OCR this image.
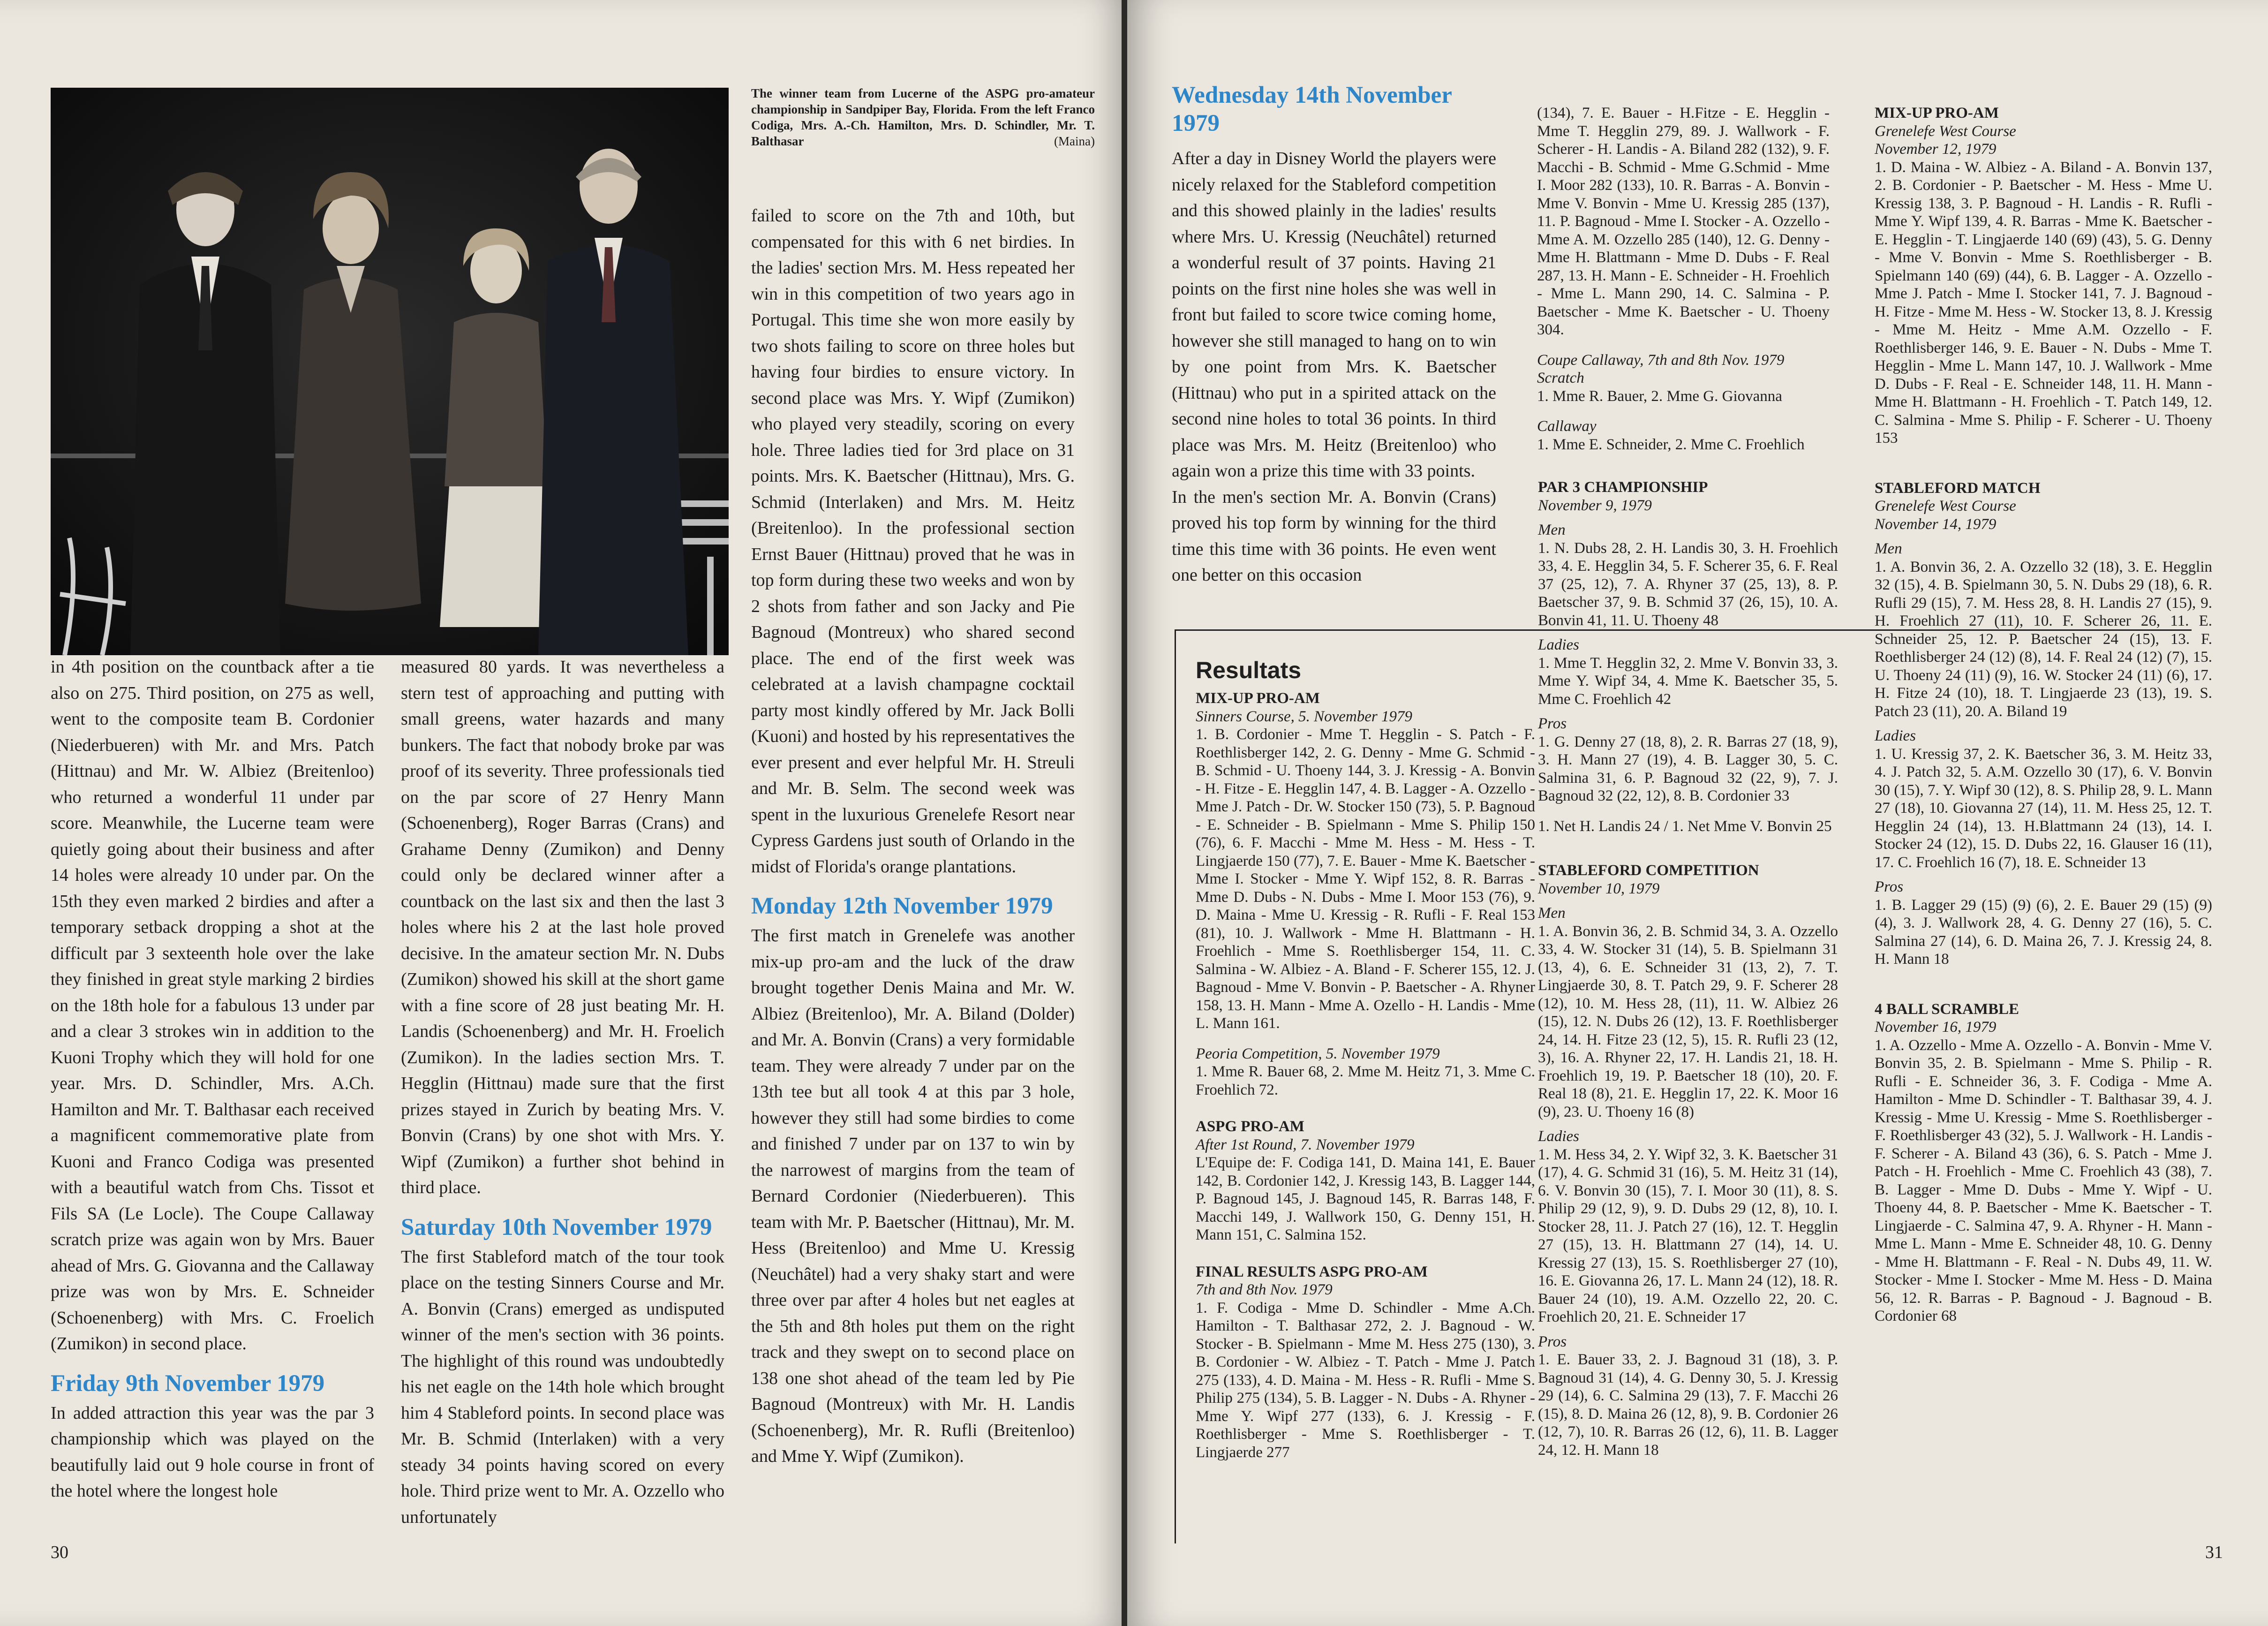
The winner team from Lucerne of the ASPG pro-amateur championship in Sandpiper Bay, Florida. From the left Franco Codiga, Mrs. A.-Ch. Hamilton, Mrs. D. Schindler, Mr. T. Balthasar	(Maina)

failed to score on the 7th and 10th, but compensated for this with 6 net birdies. In the ladies' section Mrs. M. Hess repeated her win in this competition of two years ago in Portugal. This time she won more easily by two shots failing to score on three holes but having four birdies to ensure victory. In second place was Mrs. Y. Wipf (Zumikon) who played very steadily, scoring on every hole. Three ladies tied for 3rd place on 31 points. Mrs. K. Baetscher (Hittnau), Mrs. G. Schmid (Interlaken) and Mrs. M. Heitz (Breitenloo). In the professional section Ernst Bauer (Hittnau) proved that he was in top form during these two weeks and won by 2 shots from father and son Jacky and Pie Bagnoud (Montreux) who shared second place. The end of the first week was celebrated at a lavish champagne cocktail party most kindly offered by Mr. Jack Bolli (Kuoni) and hosted by his representatives the ever present and ever helpful Mr. H. Streuli and Mr. B. Selm. The second week was spent in the luxurious Grenelefe Resort near Cypress Gardens just south of Orlando in the midst of Florida's orange plantations.

Monday 12th November 1979

The first match in Grenelefe was another mix-up pro-am and the luck of the draw brought together Denis Maina and Mr. W. Albiez (Breitenloo), Mr. A. Biland (Dolder) and Mr. A. Bonvin (Crans) a very formidable team. They were already 7 under par on the 13th tee but all took 4 at this par 3 hole, however they still had some birdies to come and finished 7 under par on 137 to win by the narrowest of margins from the team of Bernard Cordonier (Niederbueren). This team with Mr. P. Baetscher (Hittnau), Mr. M. Hess (Breitenloo) and Mme U. Kressig (Neuchâtel) had a very shaky start and were three over par after 4 holes but net eagles at the 5th and 8th holes put them on the right track and they swept on to second place on 138 one shot ahead of the team led by Pie Bagnoud (Montreux) with Mr. H. Landis (Schoenenberg), Mr. R. Rufli (Breitenloo) and Mme Y. Wipf (Zumikon).

in 4th position on the countback after a tie also on 275. Third position, on 275 as well, went to the composite team B. Cordonier (Niederbueren) with Mr. and Mrs. Patch (Hittnau) and Mr. W. Albiez (Breitenloo) who returned a wonderful 11 under par score. Meanwhile, the Lucerne team were quietly going about their business and after 14 holes were already 10 under par. On the 15th they even marked 2 birdies and after a temporary setback dropping a shot at the difficult par 3 sexteenth hole over the lake they finished in great style marking 2 birdies on the 18th hole for a fabulous 13 under par and a clear 3 strokes win in addition to the Kuoni Trophy which they will hold for one year. Mrs. D. Schindler, Mrs. A.Ch. Hamilton and Mr. T. Balthasar each received a magnificent commemorative plate from Kuoni and Franco Codiga was presented with a beautiful watch from Chs. Tissot et Fils SA (Le Locle). The Coupe Callaway scratch prize was again won by Mrs. Bauer ahead of Mrs. G. Giovanna and the Callaway prize was won by Mrs. E. Schneider (Schoenenberg) with Mrs. C. Froelich (Zumikon) in second place.

Friday 9th November 1979

In added attraction this year was the par 3 championship which was played on the beautifully laid out 9 hole course in front of the hotel where the longest hole

measured 80 yards. It was nevertheless a stern test of approaching and putting with small greens, water hazards and many bunkers. The fact that nobody broke par was proof of its severity. Three professionals tied on the par score of 27 Henry Mann (Schoenenberg), Roger Barras (Crans) and Grahame Denny (Zumikon) and Denny could only be declared winner after a countback on the last six and then the last 3 holes where his 2 at the last hole proved decisive. In the amateur section Mr. N. Dubs (Zumikon) showed his skill at the short game with a fine score of 28 just beating Mr. H. Landis (Schoenenberg) and Mr. H. Froelich (Zumikon). In the ladies section Mrs. T. Hegglin (Hittnau) made sure that the first prizes stayed in Zurich by beating Mrs. V. Bonvin (Crans) by one shot with Mrs. Y. Wipf (Zumikon) a further shot behind in third place.

Saturday 10th November 1979

The first Stableford match of the tour took place on the testing Sinners Course and Mr. A. Bonvin (Crans) emerged as undisputed winner of the men's section with 36 points. The highlight of this round was undoubtedly his net eagle on the 14th hole which brought him 4 Stableford points. In second place was Mr. B. Schmid (Interlaken) with a very steady 34 points having scored on every hole. Third prize went to Mr. A. Ozzello who unfortunately

30
Wednesday 14th November 1979

After a day in Disney World the players were nicely relaxed for the Stableford competition and this showed plainly in the ladies' results where Mrs. U. Kressig (Neuchâtel) returned a wonderful result of 37 points. Having 21 points on the first nine holes she was well in front but failed to score twice coming home, however she still managed to hang on to win by one point from Mrs. K. Baetscher (Hittnau) who put in a spirited attack on the second nine holes to total 36 points. In third place was Mrs. M. Heitz (Breitenloo) who again won a prize this time with 33 points.

In the men's section Mr. A. Bonvin (Crans) proved his top form by winning for the third time this time with 36 points. He even went one better on this occasion

(134), 7. E. Bauer - H.Fitze - E. Hegglin - Mme T. Hegglin 279, 89. J. Wallwork - F. Scherer - H. Landis - A. Biland 282 (132), 9. F. Macchi - B. Schmid - Mme G.Schmid - Mme I. Moor 282 (133), 10. R. Barras - A. Bonvin - Mme V. Bonvin - Mme U. Kressig 285 (137), 11. P. Bagnoud - Mme I. Stocker - A. Ozzello - Mme A. M. Ozzello 285 (140), 12. G. Denny - Mme H. Blattmann - Mme D. Dubs - F. Real 287, 13. H. Mann - E. Schneider - H. Froehlich - Mme L. Mann 290, 14. C. Salmina - P. Baetscher - Mme K. Baetscher - U. Thoeny 304.

Coupe Callaway, 7th and 8th Nov. 1979

Scratch

1. Mme R. Bauer, 2. Mme G. Giovanna

Callaway

1. Mme E. Schneider, 2. Mme C. Froehlich

MIX-UP PRO-AM

Grenelefe West Course

November 12, 1979

1. D. Maina - W. Albiez - A. Biland - A. Bonvin 137, 2. B. Cordonier - P. Baetscher - M. Hess - Mme U. Kressig 138, 3. P. Bagnoud - H. Landis - R. Rufli - Mme Y. Wipf 139, 4. R. Barras - Mme K. Baetscher - E. Hegglin - T. Lingjaerde 140 (69) (43), 5. G. Denny - Mme V. Bonvin - Mme S. Roethlisberger - B. Spielmann 140 (69) (44), 6. B. Lagger - A. Ozzello - Mme J. Patch - Mme I. Stocker 141, 7. J. Bagnoud - H. Fitze - Mme M. Hess - W. Stocker 13, 8. J. Kressig - Mme M. Heitz - Mme A.M. Ozzello - F. Roethlisberger 146, 9. E. Bauer - N. Dubs - Mme T. Hegglin - Mme L. Mann 147, 10. J. Wallwork - Mme D. Dubs - F. Real - E. Schneider 148, 11. H. Mann - Mme H. Blattmann - H. Froehlich - T. Patch 149, 12. C. Salmina - Mme S. Philip - F. Scherer - U. Thoeny 153

STABLEFORD MATCH

Grenelefe West Course

November 14, 1979

Men

1. A. Bonvin 36, 2. A. Ozzello 32 (18), 3. E. Hegglin 32 (15), 4. B. Spielmann 30, 5. N. Dubs 29 (18), 6. R. Rufli 29 (15), 7. M. Hess 28, 8. H. Landis 27 (15), 9. H. Froehlich 27 (11), 10. F. Scherer 26, 11. E. Schneider 25, 12. P. Baetscher 24 (15), 13. F. Roethlisberger 24 (12) (8), 14. F. Real 24 (12) (7), 15. U. Thoeny 24 (11) (9), 16. W. Stocker 24 (11) (6), 17. H. Fitze 24 (10), 18. T. Lingjaerde 23 (13), 19. S. Patch 23 (11), 20. A. Biland 19

Ladies

1. U. Kressig 37, 2. K. Baetscher 36, 3. M. Heitz 33, 4. J. Patch 32, 5. A.M. Ozzello 30 (17), 6. V. Bonvin 30 (15), 7. Y. Wipf 30 (12), 8. S. Philip 28, 9. L. Mann 27 (18), 10. Giovanna 27 (14), 11. M. Hess 25, 12. T. Hegglin 24 (14), 13. H.Blattmann 24 (13), 14. I. Stocker 24 (12), 15. D. Dubs 22, 16. Glauser 16 (11), 17. C. Froehlich 16 (7), 18. E. Schneider 13

Pros

1. B. Lagger 29 (15) (9) (6), 2. E. Bauer 29 (15) (9) (4), 3. J. Wallwork 28, 4. G. Denny 27 (16), 5. C. Salmina 27 (14), 6. D. Maina 26, 7. J. Kressig 24, 8. H. Mann 18

4 BALL SCRAMBLE

November 16, 1979

1. A. Ozzello - Mme A. Ozzello - A. Bonvin - Mme V. Bonvin 35, 2. B. Spielmann - Mme S. Philip - R. Rufli - E. Schneider 36, 3. F. Codiga - Mme A. Hamilton - Mme D. Schindler - T. Balthasar 39, 4. J. Kressig - Mme U. Kressig - Mme S. Roethlisberger - F. Roethlisberger 43 (32), 5. J. Wallwork - H. Landis - F. Scherer - A. Biland 43 (36), 6. S. Patch - Mme J. Patch - H. Froehlich - Mme C. Froehlich 43 (38), 7. B. Lagger - Mme D. Dubs - Mme Y. Wipf - U. Thoeny 44, 8. P. Baetscher - Mme K. Baetscher - T. Lingjaerde - C. Salmina 47, 9. A. Rhyner - H. Mann - Mme L. Mann - Mme E. Schneider 48, 10. G. Denny - Mme H. Blattmann - F. Real - N. Dubs 49, 11. W. Stocker - Mme I. Stocker - Mme M. Hess - D. Maina 56, 12. R. Barras - P. Bagnoud - J. Bagnoud - B. Cordonier 68

31
Resultats

MIX-UP PRO-AM

Sinners Course, 5. November 1979

1. B. Cordonier - Mme T. Hegglin - S. Patch - F. Roethlisberger 142, 2. G. Denny - Mme G. Schmid - B. Schmid - U. Thoeny 144, 3. J. Kressig - A. Bonvin - H. Fitze - E. Hegglin 147, 4. B. Lagger - A. Ozzello - Mme J. Patch - Dr. W. Stocker 150 (73), 5. P. Bagnoud - E. Schneider - B. Spielmann - Mme S. Philip 150 (76), 6. F. Macchi - Mme M. Hess - M. Hess - T. Lingjaerde 150 (77), 7. E. Bauer - Mme K. Baetscher - Mme I. Stocker - Mme Y. Wipf 152, 8. R. Barras - Mme D. Dubs - N. Dubs - Mme I. Moor 153 (76), 9. D. Maina - Mme U. Kressig - R. Rufli - F. Real 153 (81), 10. J. Wallwork - Mme H. Blattmann - H. Froehlich - Mme S. Roethlisberger 154, 11. C. Salmina - W. Albiez - A. Bland - F. Scherer 155, 12. J. Bagnoud - Mme V. Bonvin - P. Baetscher - A. Rhyner 158, 13. H. Mann - Mme A. Ozello - H. Landis - Mme L. Mann 161.

Peoria Competition, 5. November 1979

1. Mme R. Bauer 68, 2. Mme M. Heitz 71, 3. Mme C. Froehlich 72.

ASPG PRO-AM

After 1st Round, 7. November 1979

L'Equipe de: F. Codiga 141, D. Maina 141, E. Bauer 142, B. Cordonier 142, J. Kressig 143, B. Lagger 144, P. Bagnoud 145, J. Bagnoud 145, R. Barras 148, F. Macchi 149, J. Wallwork 150, G. Denny 151, H. Mann 151, C. Salmina 152.

FINAL RESULTS ASPG PRO-AM

7th and 8th Nov. 1979

1. F. Codiga - Mme D. Schindler - Mme A.Ch. Hamilton - T. Balthasar 272, 2. J. Bagnoud - W. Stocker - B. Spielmann - Mme M. Hess 275 (130), 3. B. Cordonier - W. Albiez - T. Patch - Mme J. Patch 275 (133), 4. D. Maina - M. Hess - R. Rufli - Mme S. Philip 275 (134), 5. B. Lagger - N. Dubs - A. Rhyner - Mme Y. Wipf 277 (133), 6. J. Kressig - F. Roethlisberger - Mme S. Roethlisberger - T. Lingjaerde 277

PAR 3 CHAMPIONSHIP

November 9, 1979

Men

1. N. Dubs 28, 2. H. Landis 30, 3. H. Froehlich 33, 4. E. Hegglin 34, 5. F. Scherer 35, 6. F. Real 37 (25, 12), 7. A. Rhyner 37 (25, 13), 8. P. Baetscher 37, 9. B. Schmid 37 (26, 15), 10. A. Bonvin 41, 11. U. Thoeny 48

Ladies

1. Mme T. Hegglin 32, 2. Mme V. Bonvin 33, 3. Mme Y. Wipf 34, 4. Mme K. Baetscher 35, 5. Mme C. Froehlich 42

Pros

1. G. Denny 27 (18, 8), 2. R. Barras 27 (18, 9), 3. H. Mann 27 (19), 4. B. Lagger 30, 5. C. Salmina 31, 6. P. Bagnoud 32 (22, 9), 7. J. Bagnoud 32 (22, 12), 8. B. Cordonier 33

1. Net H. Landis 24 / 1. Net Mme V. Bonvin 25

STABLEFORD COMPETITION

November 10, 1979

Men

1. A. Bonvin 36, 2. B. Schmid 34, 3. A. Ozzello 33, 4. W. Stocker 31 (14), 5. B. Spielmann 31 (13, 4), 6. E. Schneider 31 (13, 2), 7. T. Lingjaerde 30, 8. T. Patch 29, 9. F. Scherer 28 (12), 10. M. Hess 28, (11), 11. W. Albiez 26 (15), 12. N. Dubs 26 (12), 13. F. Roethlisberger 24, 14. H. Fitze 23 (12, 5), 15. R. Rufli 23 (12, 3), 16. A. Rhyner 22, 17. H. Landis 21, 18. H. Froehlich 19, 19. P. Baetscher 18 (10), 20. F. Real 18 (8), 21. E. Hegglin 17, 22. K. Moor 16 (9), 23. U. Thoeny 16 (8)

Ladies

1. M. Hess 34, 2. Y. Wipf 32, 3. K. Baetscher 31 (17), 4. G. Schmid 31 (16), 5. M. Heitz 31 (14), 6. V. Bonvin 30 (15), 7. I. Moor 30 (11), 8. S. Philip 29 (12, 9), 9. D. Dubs 29 (12, 8), 10. I. Stocker 28, 11. J. Patch 27 (16), 12. T. Hegglin 27 (15), 13. H. Blattmann 27 (14), 14. U. Kressig 27 (13), 15. S. Roethlisberger 27 (10), 16. E. Giovanna 26, 17. L. Mann 24 (12), 18. R. Bauer 24 (10), 19. A.M. Ozzello 22, 20. C. Froehlich 20, 21. E. Schneider 17

Pros

1. E. Bauer 33, 2. J. Bagnoud 31 (18), 3. P. Bagnoud 31 (14), 4. G. Denny 30, 5. J. Kressig 29 (14), 6. C. Salmina 29 (13), 7. F. Macchi 26 (15), 8. D. Maina 26 (12, 8), 9. B. Cordonier 26 (12, 7), 10. R. Barras 26 (12, 6), 11. B. Lagger 24, 12. H. Mann 18
